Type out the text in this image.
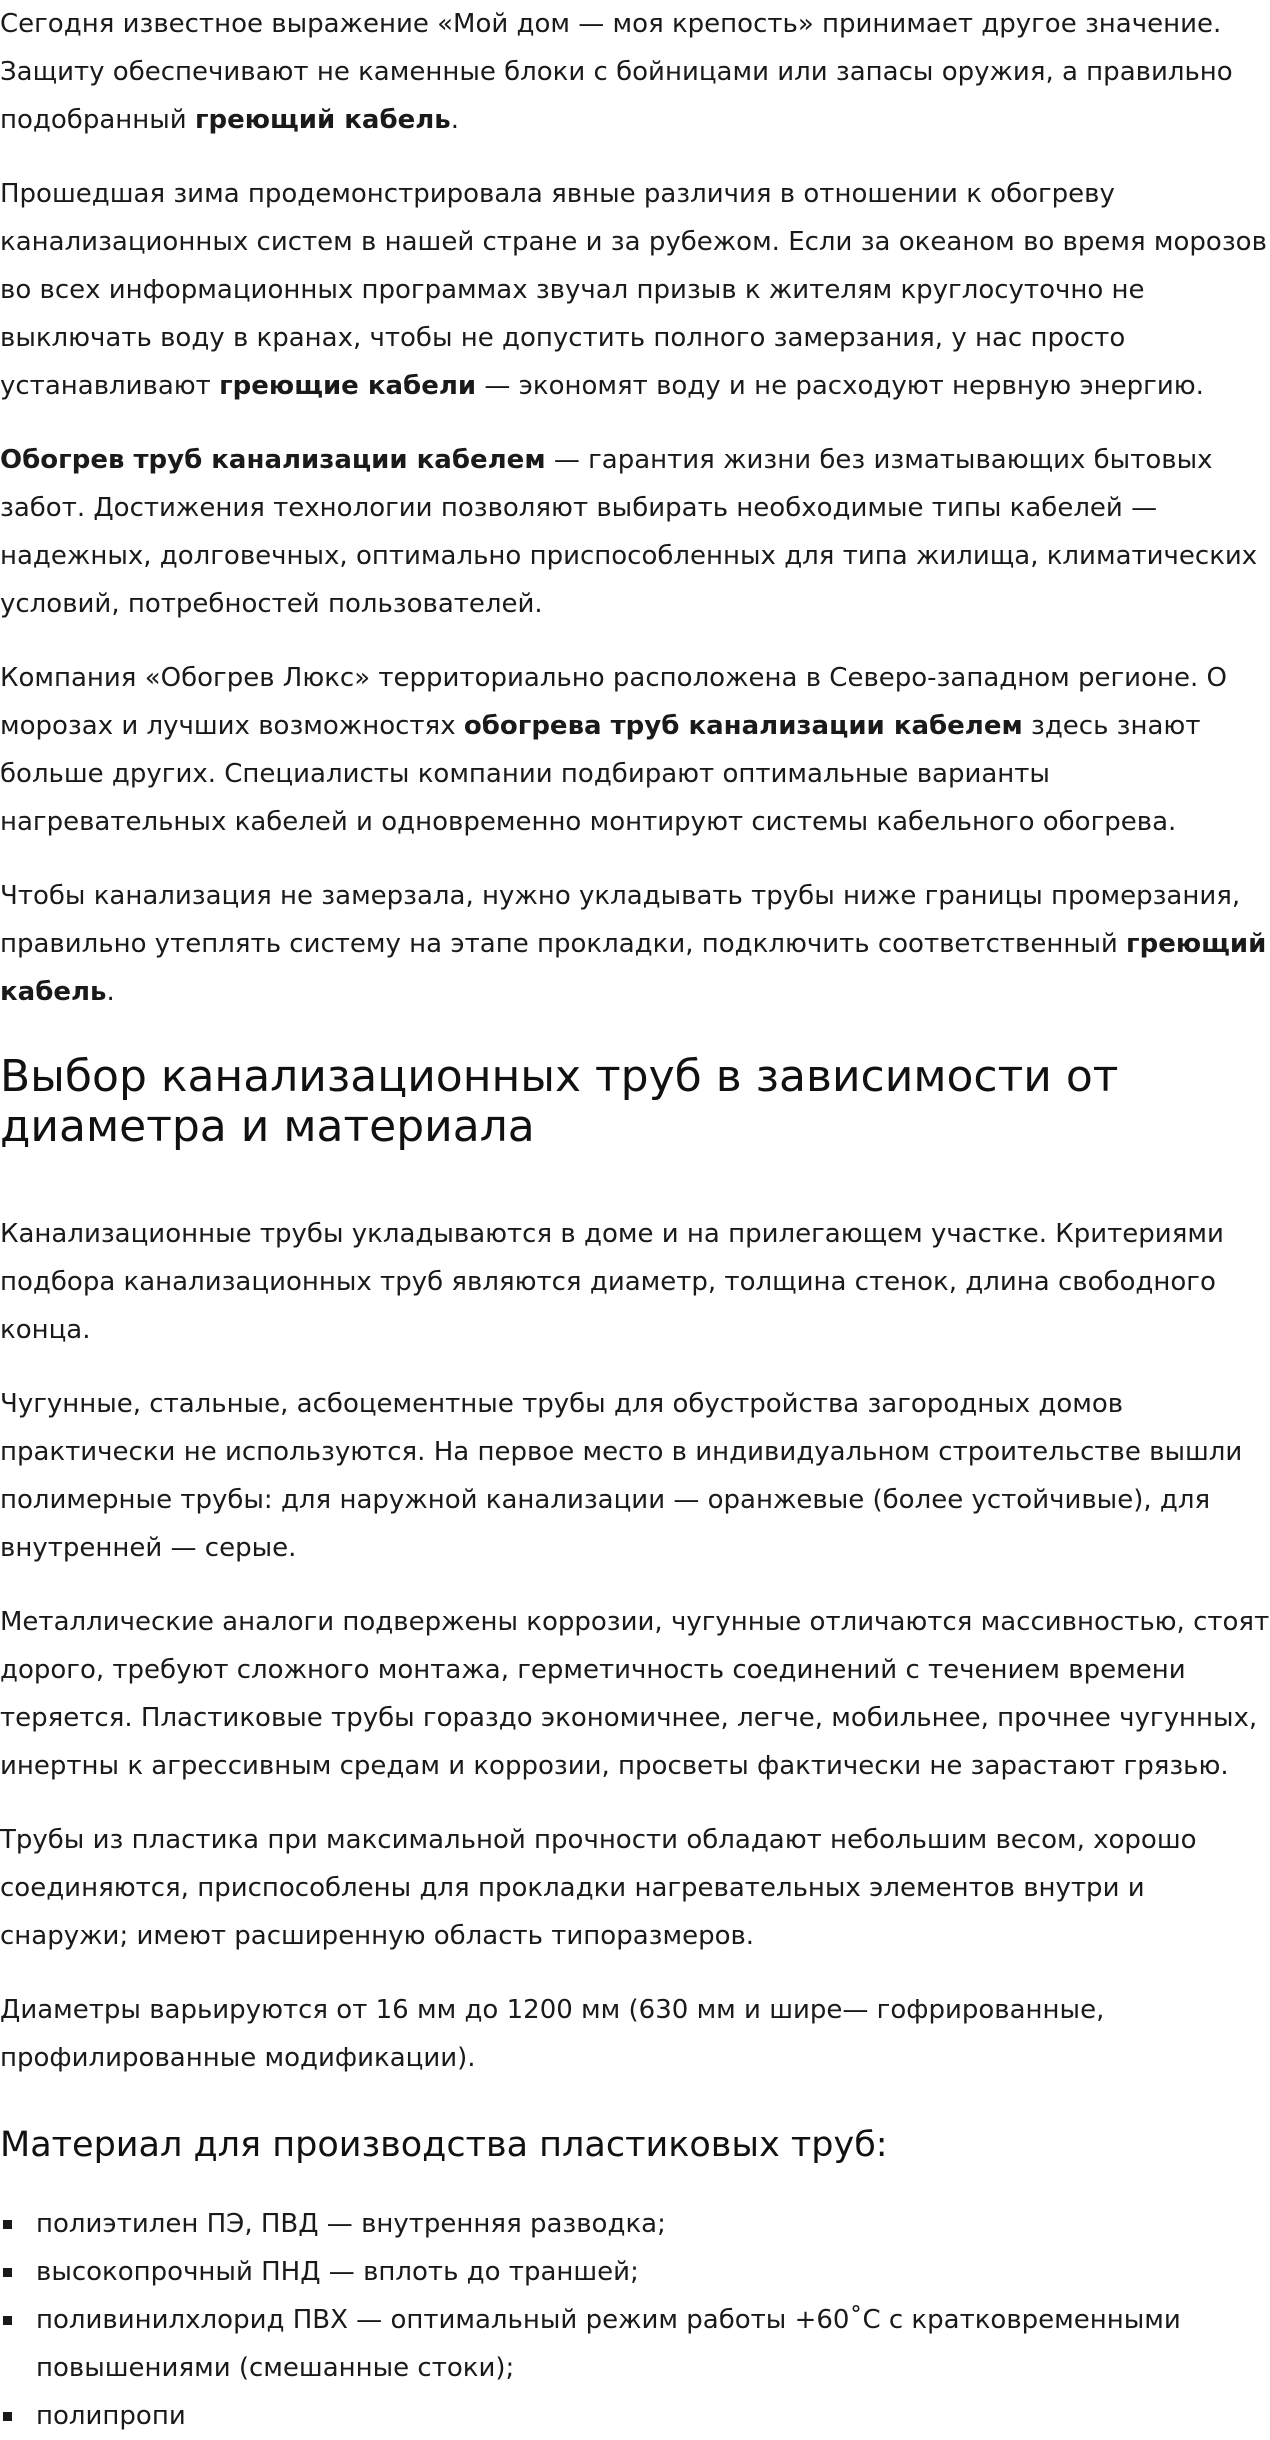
Сегодня известное выражение «Мой дом — моя крепость» принимает другое значение. Защиту обеспечивают не каменные блоки с бойницами или запасы оружия, а правильно подобранный греющий кабель.

Прошедшая зима продемонстрировала явные различия в отношении к обогреву канализационных систем в нашей стране и за рубежом. Если за океаном во время морозов во всех информационных программах звучал призыв к жителям круглосуточно не выключать воду в кранах, чтобы не допустить полного замерзания, у нас просто устанавливают греющие кабели — экономят воду и не расходуют нервную энергию.

Обогрев труб канализации кабелем — гарантия жизни без изматывающих бытовых забот. Достижения технологии позволяют выбирать необходимые типы кабелей — надежных, долговечных, оптимально приспособленных для типа жилища, климатических условий, потребностей пользователей.

Компания «Обогрев Люкс» территориально расположена в Северо-западном регионе. О морозах и лучших возможностях обогрева труб канализации кабелем здесь знают больше других. Специалисты компании подбирают оптимальные варианты нагревательных кабелей и одновременно монтируют системы кабельного обогрева.

Чтобы канализация не замерзала, нужно укладывать трубы ниже границы промерзания, правильно утеплять систему на этапе прокладки, подключить соответственный греющий кабель.

Выбор канализационных труб в зависимости от диаметра и материала

Канализационные трубы укладываются в доме и на прилегающем участке. Критериями подбора канализационных труб являются диаметр, толщина стенок, длина свободного конца.

Чугунные, стальные, асбоцементные трубы для обустройства загородных домов практически не используются. На первое место в индивидуальном строительстве вышли полимерные трубы: для наружной канализации — оранжевые (более устойчивые), для внутренней — серые.

Металлические аналоги подвержены коррозии, чугунные отличаются массивностью, стоят дорого, требуют сложного монтажа, герметичность соединений с течением времени теряется. Пластиковые трубы гораздо экономичнее, легче, мобильнее, прочнее чугунных, инертны к агрессивным средам и коррозии, просветы фактически не зарастают грязью.

Трубы из пластика при максимальной прочности обладают небольшим весом, хорошо соединяются, приспособлены для прокладки нагревательных элементов внутри и снаружи; имеют расширенную область типоразмеров.

Диаметры варьируются от 16 мм до 1200 мм (630 мм и шире— гофрированные, профилированные модификации).

Материал для производства пластиковых труб:
полиэтилен ПЭ, ПВД — внутренняя разводка;
высокопрочный ПНД — вплоть до траншей;
поливинилхлорид ПВХ — оптимальный режим работы +60˚С с кратковременными повышениями (смешанные стоки);
полипропи
